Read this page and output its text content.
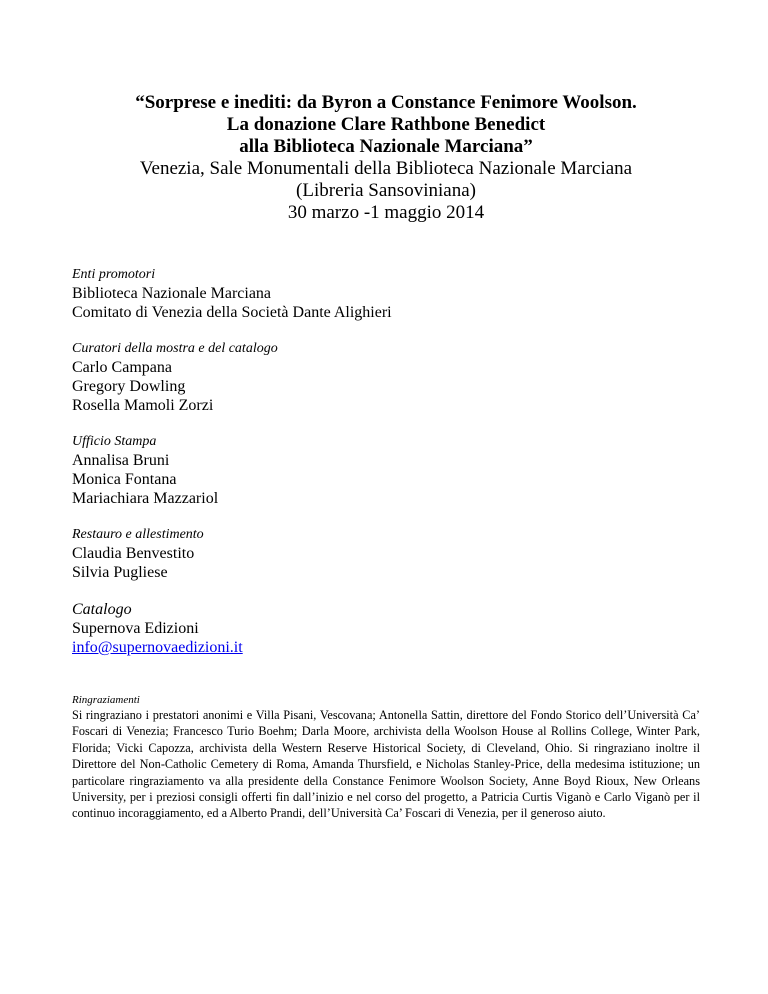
“Sorprese e inediti: da Byron a Constance Fenimore Woolson.
La donazione Clare Rathbone Benedict
alla Biblioteca Nazionale Marciana”
Venezia, Sale Monumentali della Biblioteca Nazionale Marciana
(Libreria Sansoviniana)
30 marzo -1 maggio 2014
Enti promotori
Biblioteca Nazionale Marciana
Comitato di Venezia della Società Dante Alighieri
Curatori della mostra e del catalogo
Carlo Campana
Gregory Dowling
Rosella Mamoli Zorzi
Ufficio Stampa
Annalisa Bruni
Monica Fontana
Mariachiara Mazzariol
Restauro e allestimento
Claudia Benvestito
Silvia Pugliese
Catalogo
Supernova Edizioni
info@supernovaedizioni.it
Ringraziamenti
Si ringraziano i prestatori anonimi e Villa Pisani, Vescovana; Antonella Sattin, direttore del Fondo Storico dell’Università Ca’ Foscari di Venezia; Francesco Turio Boehm; Darla Moore, archivista della Woolson House al Rollins College, Winter Park, Florida; Vicki Capozza, archivista della Western Reserve Historical Society, di Cleveland, Ohio. Si ringraziano inoltre il Direttore del Non-Catholic Cemetery di Roma, Amanda Thursfield, e Nicholas Stanley-Price, della medesima istituzione; un particolare ringraziamento va alla presidente della Constance Fenimore Woolson Society, Anne Boyd Rioux, New Orleans University, per i preziosi consigli offerti fin dall’inizio e nel corso del progetto, a Patricia Curtis Viganò e Carlo Viganò per il continuo incoraggiamento, ed a Alberto Prandi, dell’Università Ca’ Foscari di Venezia, per il generoso aiuto.
